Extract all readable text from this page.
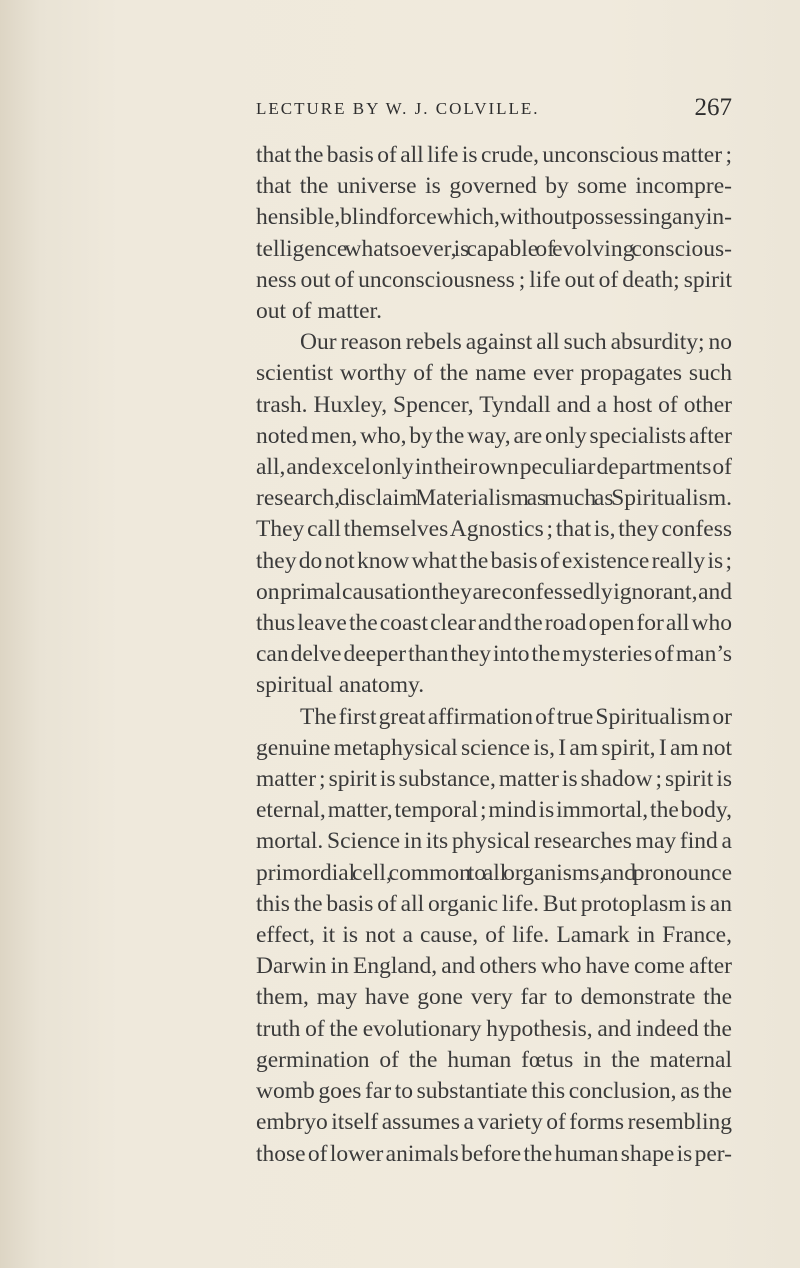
LECTURE BY W. J. COLVILLE.	267
that the basis of all life is crude, unconscious matter ;
that the universe is governed by some incompre-
hensible, blind force which, without possessing any in-
telligence whatsoever, is capable of evolving conscious-
ness out of unconsciousness ; life out of death; spirit
out of matter.
Our reason rebels against all such absurdity; no
scientist worthy of the name ever propagates such
trash. Huxley, Spencer, Tyndall and a host of other
noted men, who, by the way, are only specialists after
all, and excel only in their own peculiar departments of
research, disclaim Materialism as much as Spiritualism.
They call themselves Agnostics ; that is, they confess
they do not know what the basis of existence really is ;
on primal causation they are confessedly ignorant, and
thus leave the coast clear and the road open for all who
can delve deeper than they into the mysteries of man’s
spiritual anatomy.
The first great affirmation of true Spiritualism or
genuine metaphysical science is, I am spirit, I am not
matter ; spirit is substance, matter is shadow ; spirit is
eternal, matter, temporal ; mind is immortal, the body,
mortal. Science in its physical researches may find a
primordial cell, common to all organisms, and pronounce
this the basis of all organic life. But protoplasm is an
effect, it is not a cause, of life. Lamark in France,
Darwin in England, and others who have come after
them, may have gone very far to demonstrate the
truth of the evolutionary hypothesis, and indeed the
germination of the human fœtus in the maternal
womb goes far to substantiate this conclusion, as the
embryo itself assumes a variety of forms resembling
those of lower animals before the human shape is per-
